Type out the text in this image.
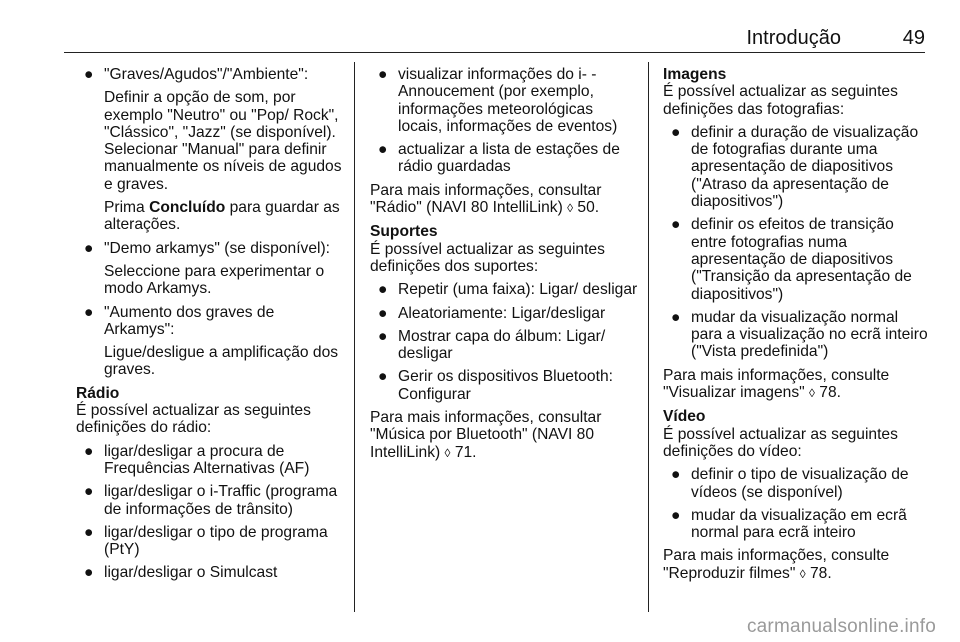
Introdução	49
● "Graves/Agudos"/"Ambiente":

Definir a opção de som, por exemplo "Neutro" ou "Pop/ Rock", "Clássico", "Jazz" (se disponível). Selecionar "Manual" para definir manualmente os níveis de agudos e graves.

Prima Concluído para guardar as alterações.

● "Demo arkamys" (se disponível):

Seleccione para experimentar o modo Arkamys.

● "Aumento dos graves de Arkamys":

Ligue/desligue a amplificação dos graves.

Rádio

É possível actualizar as seguintes definições do rádio:

● ligar/desligar a procura de Frequências Alternativas (AF)
● ligar/desligar o i-Traffic (programa de informações de trânsito)
● ligar/desligar o tipo de programa (PtY)
● ligar/desligar o Simulcast
● visualizar informações do i- -Annoucement (por exemplo, informações meteorológicas locais, informações de eventos)
● actualizar a lista de estações de rádio guardadas

Para mais informações, consultar "Rádio" (NAVI 80 IntelliLink) ◊ 50.

Suportes

É possível actualizar as seguintes definições dos suportes:

● Repetir (uma faixa): Ligar/ desligar
● Aleatoriamente: Ligar/desligar
● Mostrar capa do álbum: Ligar/ desligar
● Gerir os dispositivos Bluetooth: Configurar

Para mais informações, consultar "Música por Bluetooth" (NAVI 80 IntelliLink) ◊ 71.

Imagens

É possível actualizar as seguintes definições das fotografias:

● definir a duração de visualização de fotografias durante uma apresentação de diapositivos ("Atraso da apresentação de diapositivos")
● definir os efeitos de transição entre fotografias numa apresentação de diapositivos ("Transição da apresentação de diapositivos")
● mudar da visualização normal para a visualização no ecrã inteiro ("Vista predefinida")

Para mais informações, consulte "Visualizar imagens" ◊ 78.

Vídeo

É possível actualizar as seguintes definições do vídeo:

● definir o tipo de visualização de vídeos (se disponível)
● mudar da visualização em ecrã normal para ecrã inteiro

Para mais informações, consulte "Reproduzir filmes" ◊ 78.

carmanualsonline.info
